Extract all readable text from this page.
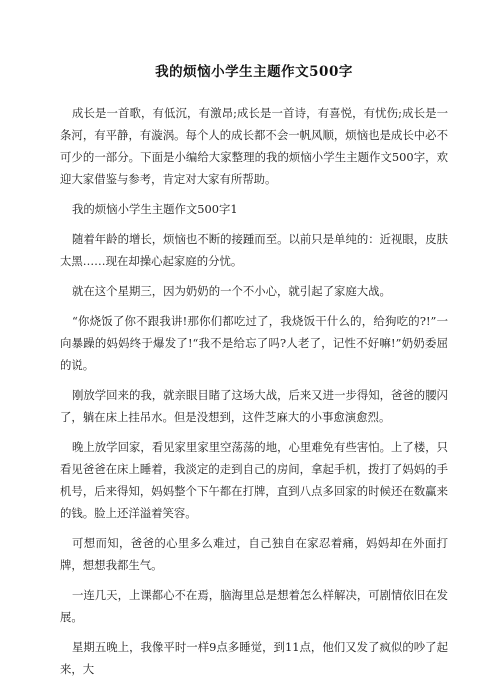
我的烦恼小学生主题作文500字

成长是一首歌，有低沉，有激昂;成长是一首诗，有喜悦，有忧伤;成长是一条河，有平静，有漩涡。每个人的成长都不会一帆风顺，烦恼也是成长中必不可少的一部分。下面是小编给大家整理的我的烦恼小学生主题作文500字，欢迎大家借鉴与参考，肯定对大家有所帮助。

我的烦恼小学生主题作文500字1

随着年龄的增长，烦恼也不断的接踵而至。以前只是单纯的：近视眼，皮肤太黑……现在却操心起家庭的分忧。

就在这个星期三，因为奶奶的一个不小心，就引起了家庭大战。

“你烧饭了你不跟我讲!那你们都吃过了，我烧饭干什么的，给狗吃的?!”一向暴躁的妈妈终于爆发了!“我不是给忘了吗?人老了，记性不好嘛!”奶奶委屈的说。

刚放学回来的我，就亲眼目睹了这场大战，后来又进一步得知，爸爸的腰闪了，躺在床上挂吊水。但是没想到，这件芝麻大的小事愈演愈烈。

晚上放学回家，看见家里家里空荡荡的地，心里难免有些害怕。上了楼，只看见爸爸在床上睡着，我淡定的走到自己的房间，拿起手机，拨打了妈妈的手机号，后来得知，妈妈整个下午都在打牌，直到八点多回家的时候还在数赢来的钱。脸上还洋溢着笑容。

可想而知，爸爸的心里多么难过，自己独自在家忍着痛，妈妈却在外面打牌，想想我都生气。

一连几天，上课都心不在焉，脑海里总是想着怎么样解决，可剧情依旧在发展。

星期五晚上，我像平时一样9点多睡觉，到11点，他们又发了疯似的吵了起来，大
